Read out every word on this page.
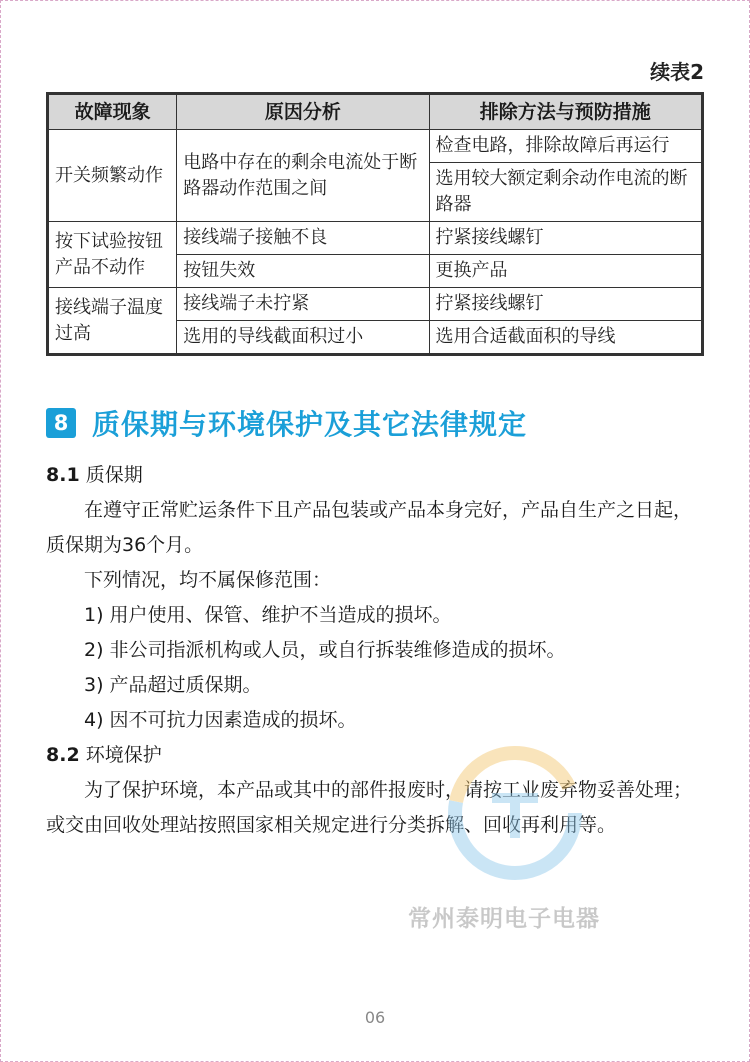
续表2
故障现象	原因分析	排除方法与预防措施
开关频繁动作	电路中存在的剩余电流处于断路器动作范围之间	检查电路，排除故障后再运行
		选用较大额定剩余动作电流的断路器
按下试验按钮产品不动作	接线端子接触不良	拧紧接线螺钉
	按钮失效	更换产品
接线端子温度过高	接线端子未拧紧	拧紧接线螺钉
	选用的导线截面积过小	选用合适截面积的导线
8 质保期与环境保护及其它法律规定

8.1 质保期

在遵守正常贮运条件下且产品包装或产品本身完好，产品自生产之日起，质保期为36个月。

下列情况，均不属保修范围：

1) 用户使用、保管、维护不当造成的损坏。

2) 非公司指派机构或人员，或自行拆装维修造成的损坏。

3) 产品超过质保期。

4) 因不可抗力因素造成的损坏。

8.2 环境保护

为了保护环境，本产品或其中的部件报废时，请按工业废弃物妥善处理；或交由回收处理站按照国家相关规定进行分类拆解、回收再利用等。

常州泰明电子电器
06
